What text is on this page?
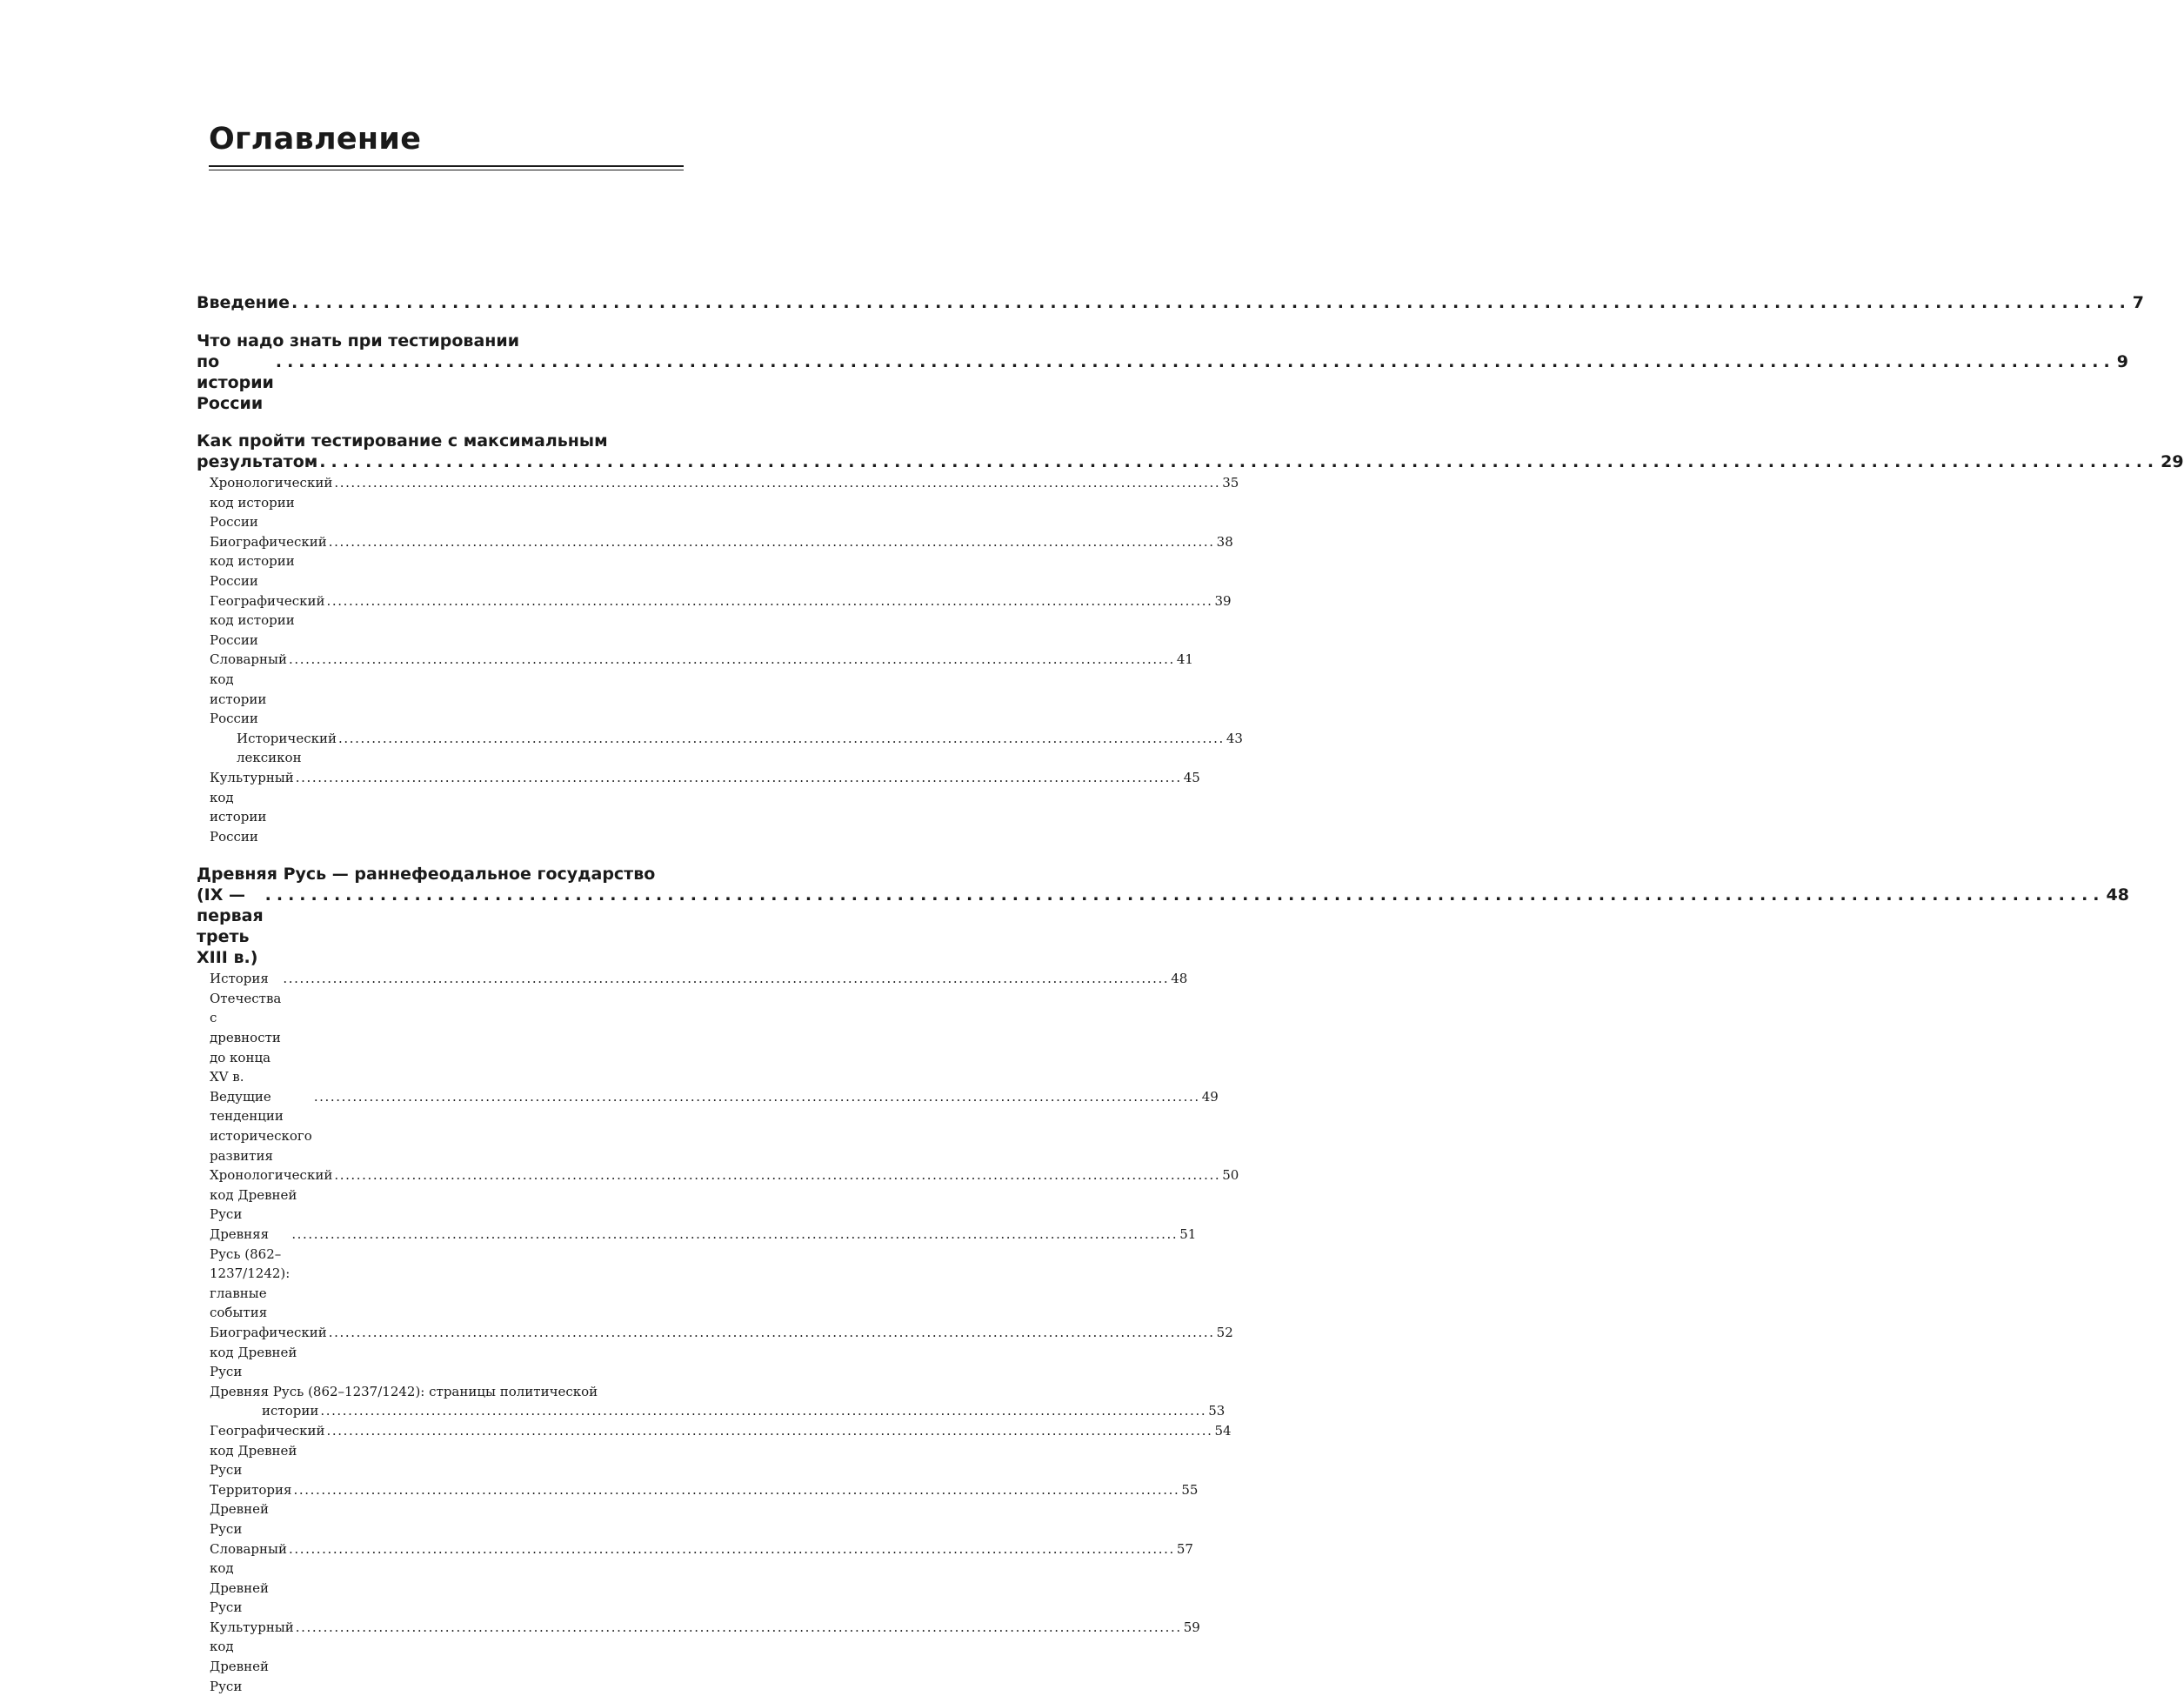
Оглавление
Введение ................................................................................................................................................................ 7
Что надо знать при тестировании
по истории России
................................................................................................................................................................ 9
Как пройти тестирование с максимальным
результатом ................................................................................................................................................................ 29
Хронологический код истории России
................................................................................................................................................................ 35
Биографический код истории России
................................................................................................................................................................ 38
Географический код истории России
................................................................................................................................................................ 39
Словарный код истории России
................................................................................................................................................................ 41
Исторический лексикон
................................................................................................................................................................ 43
Культурный код истории России
................................................................................................................................................................ 45
Древняя Русь — раннефеодальное государство
(IX — первая треть XIII в.)
................................................................................................................................................................ 48
История Отечества с древности до конца XV в.
................................................................................................................................................................ 48
Ведущие тенденции исторического развития
................................................................................................................................................................ 49
Хронологический код Древней Руси
................................................................................................................................................................ 50
Древняя Русь (862–1237/1242): главные события
................................................................................................................................................................ 51
Биографический код Древней Руси
................................................................................................................................................................ 52
Древняя Русь (862–1237/1242): страницы политической
истории ................................................................................................................................................................ 53
Географический код Древней Руси
................................................................................................................................................................ 54
Территория Древней Руси
................................................................................................................................................................ 55
Словарный код Древней Руси
................................................................................................................................................................ 57
Культурный код Древней Руси
................................................................................................................................................................ 59
